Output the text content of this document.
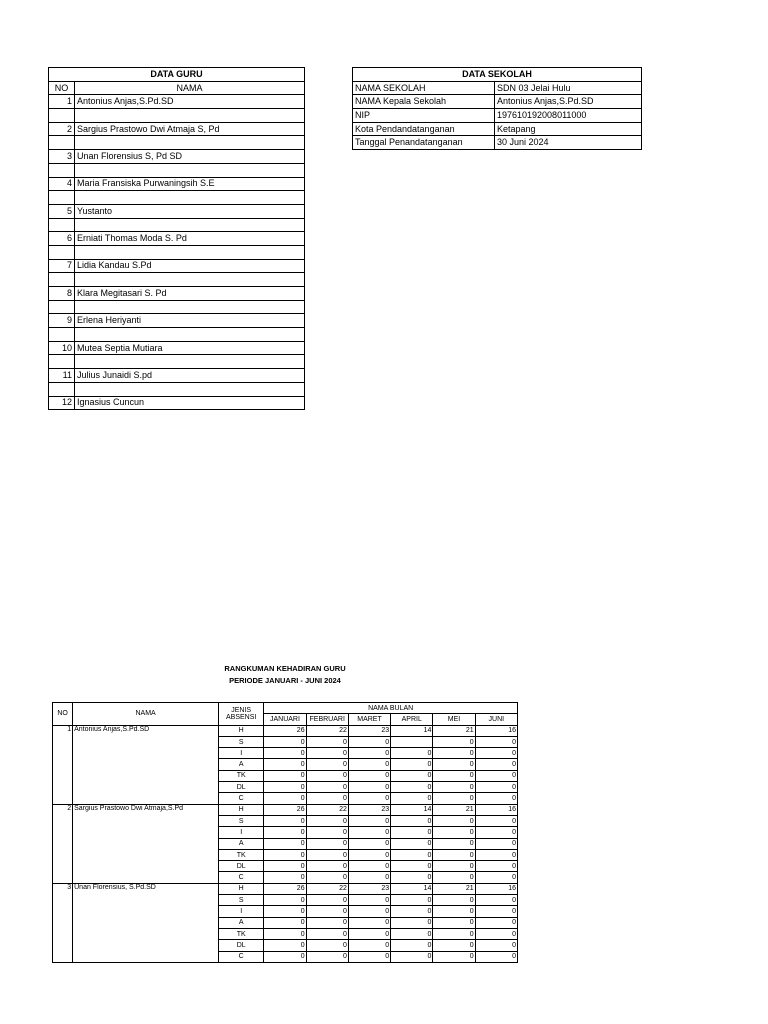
DATA GURU	
NO	NAMA
1	Antonius Anjas,S.Pd.SD

2	Sargius Prastowo Dwi Atmaja S, Pd

3	Unan Florensius S, Pd SD

4	Maria Fransiska Purwaningsih S.E

5	Yustanto

6	Erniati Thomas Moda S. Pd

7	Lidia Kandau S.Pd

8	Klara Megitasari S. Pd

9	Erlena Heriyanti

10	Mutea Septia Mutiara

11	Julius Junaidi S.pd

12	Ignasius Cuncun
DATA SEKOLAH	
NAMA SEKOLAH	SDN 03 Jelai Hulu
NAMA Kepala Sekolah	Antonius Anjas,S.Pd.SD
NIP	197610192008011000
Kota Pendandatanganan	Ketapang
Tanggal Penandatanganan	30 Juni 2024
RANGKUMAN KEHADIRAN GURU
PERIODE JANUARI - JUNI 2024
NO	NAMA	JENIS ABSENSI	NAMA BULAN					
			JANUARI	FEBRUARI	MARET	APRIL	MEI	JUNI
1	Antonius Anjas,S.Pd.SD	H	26	22	23	14	21	16
		S	0	0	0		0	0
		I	0	0	0	0	0	0
		A	0	0	0	0	0	0
		TK	0	0	0	0	0	0
		DL	0	0	0	0	0	0
		C	0	0	0	0	0	0
2	Sargius Prastowo Dwi Atmaja,S.Pd	H	26	22	23	14	21	16
		S	0	0	0	0	0	0
		I	0	0	0	0	0	0
		A	0	0	0	0	0	0
		TK	0	0	0	0	0	0
		DL	0	0	0	0	0	0
		C	0	0	0	0	0	0
3	Unan Florensius, S.Pd.SD	H	26	22	23	14	21	16
		S	0	0	0	0	0	0
		I	0	0	0	0	0	0
		A	0	0	0	0	0	0
		TK	0	0	0	0	0	0
		DL	0	0	0	0	0	0
		C	0	0	0	0	0	0
